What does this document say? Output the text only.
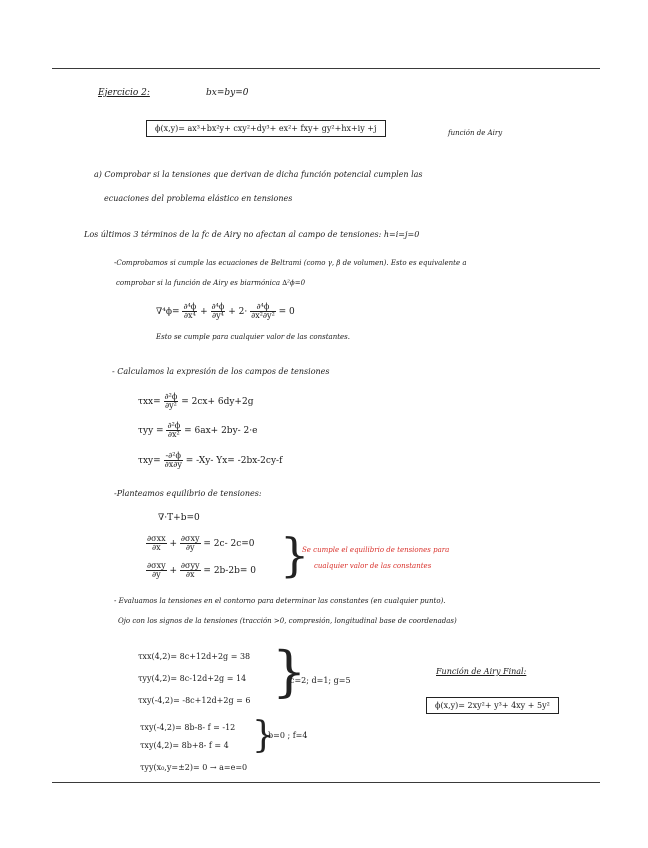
Ejercicio 2:	bx=by=0
ϕ(x,y)= ax³+bx²y+ cxy²+dy³+ ex²+ fxy+ gy²+hx+iy +j	función de Airy
a) Comprobar si la tensiones que derivan de dicha función potencial cumplen las
ecuaciones del problema elástico en tensiones
Los últimos 3 términos de la fc de Airy no afectan al campo de tensiones: h=i=j=0
-Comprobamos si cumple las ecuaciones de Beltrami (como γ, β de volumen). Esto es equivalente a
comprobar si la función de Airy es biarmónica ∆²ϕ=0
$\nabla^4\phi= \frac{\text{∂⁴ϕ}}{\text{∂x⁴}} + \frac{\text{∂⁴ϕ}}{\text{∂y⁴}} + 2\cdot \frac{\text{∂⁴ϕ}}{\text{∂x²∂y²}} = 0$
Esto se cumple para cualquier valor de las constantes.
- Calculamos la expresión de los campos de tensiones
$\tau xx= \frac{\text{∂²ϕ}}{\text{∂y²}} = 2cx+ 6dy+2g$
$\tau yy = \frac{\text{∂²ϕ}}{\text{∂x²}} = 6ax+ 2by-$ 2·e
$\tau xy= \frac{\text{-∂²ϕ}}{\partial x\partial y} = -Xy-$ Yx= -2bx-2cy-f
-Planteamos equilibrio de tensiones:
∇·T+b=0
$\frac{\text{∂σxx}}{\partial x} + \frac{\text{∂σxy}}{\partial y} = 2c-$ 2c=0
$\frac{\text{∂σxy}}{\partial y} + \frac{\text{∂σyy}}{\partial x} = 2b-2b= 0$ }
Se cumple el equilibrio de tensiones para
cualquier valor de las constantes
- Evaluamos la tensiones en el contorno para determinar las constantes (en cualquier punto).
Ojo con los signos de la tensiones (tracción >0, compresión, longitudinal base de coordenadas)
τxx(4,2)= 8c+12d+2g = 38
τyy(4,2)= 8c-12d+2g = 14
τxy(-4,2)= -8c+12d+2g = 6 }
c=2; d=1; g=5
τxy(-4,2)= 8b-8- f = -12
τxy(4,2)= 8b+8- f = 4 }
b=0 ; f=4
τyy(x₀,y=±2)= 0 → a=e=0
Función de Airy Final:
ϕ(x,y)= 2xy²+ y³+ 4xy + 5y²
